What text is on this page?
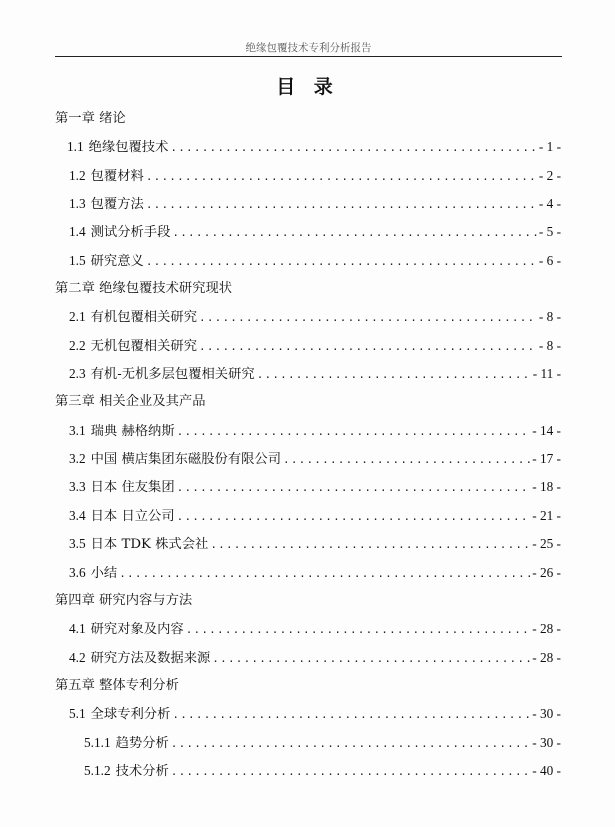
绝缘包覆技术专利分析报告
目 录
第一章 绪论
1.1 绝缘包覆技术 .....	- 1 -
1.2 包覆材料 .....	- 2 -
1.3 包覆方法 .....	- 4 -
1.4 测试分析手段 .....	- 5 -
1.5 研究意义 .....	- 6 -
第二章 绝缘包覆技术研究现状
2.1 有机包覆相关研究 .....	- 8 -
2.2 无机包覆相关研究 .....	- 8 -
2.3 有机-无机多层包覆相关研究 .....	- 11 -
第三章 相关企业及其产品
3.1 瑞典 赫格纳斯 .....	- 14 -
3.2 中国 横店集团东磁股份有限公司 .....	- 17 -
3.3 日本 住友集团 .....	- 18 -
3.4 日本 日立公司 .....	- 21 -
3.5 日本 TDK 株式会社 .....	- 25 -
3.6 小结 .....	- 26 -
第四章 研究内容与方法
4.1 研究对象及内容 .....	- 28 -
4.2 研究方法及数据来源 .....	- 28 -
第五章 整体专利分析
5.1 全球专利分析 .....	- 30 -
5.1.1 趋势分析 .....	- 30 -
5.1.2 技术分析 .....	- 40 -
